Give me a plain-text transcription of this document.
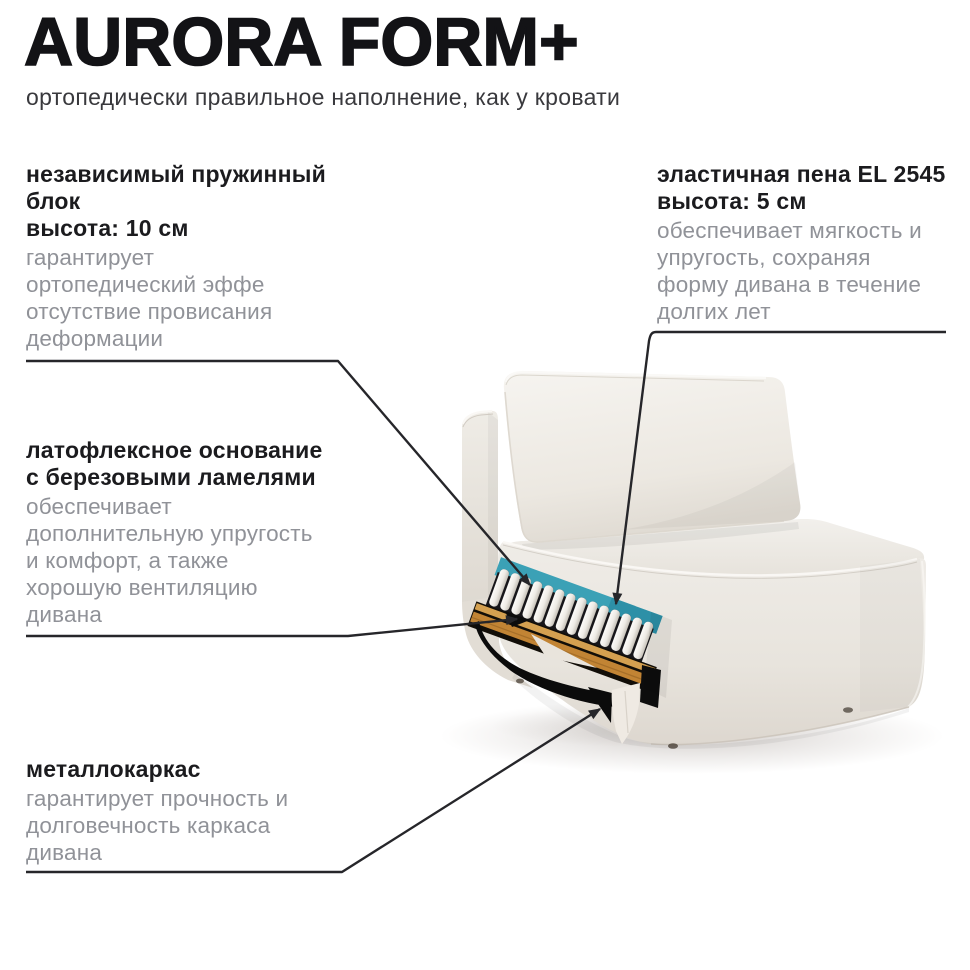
AURORA FORM+
ортопедически правильное наполнение, как у кровати
независимый пружинный
блок
высота: 10 см
гарантирует
ортопедический эффе
отсутствие провисания
деформации
эластичная пена EL 2545
высота: 5 см
обеспечивает мягкость и
упругость, сохраняя
форму дивана в течение
долгих лет
латофлексное основание
с березовыми ламелями
обеспечивает
дополнительную упругость
и комфорт, а также
хорошую вентиляцию
дивана
металлокаркас
гарантирует прочность и
долговечность каркаса
дивана
